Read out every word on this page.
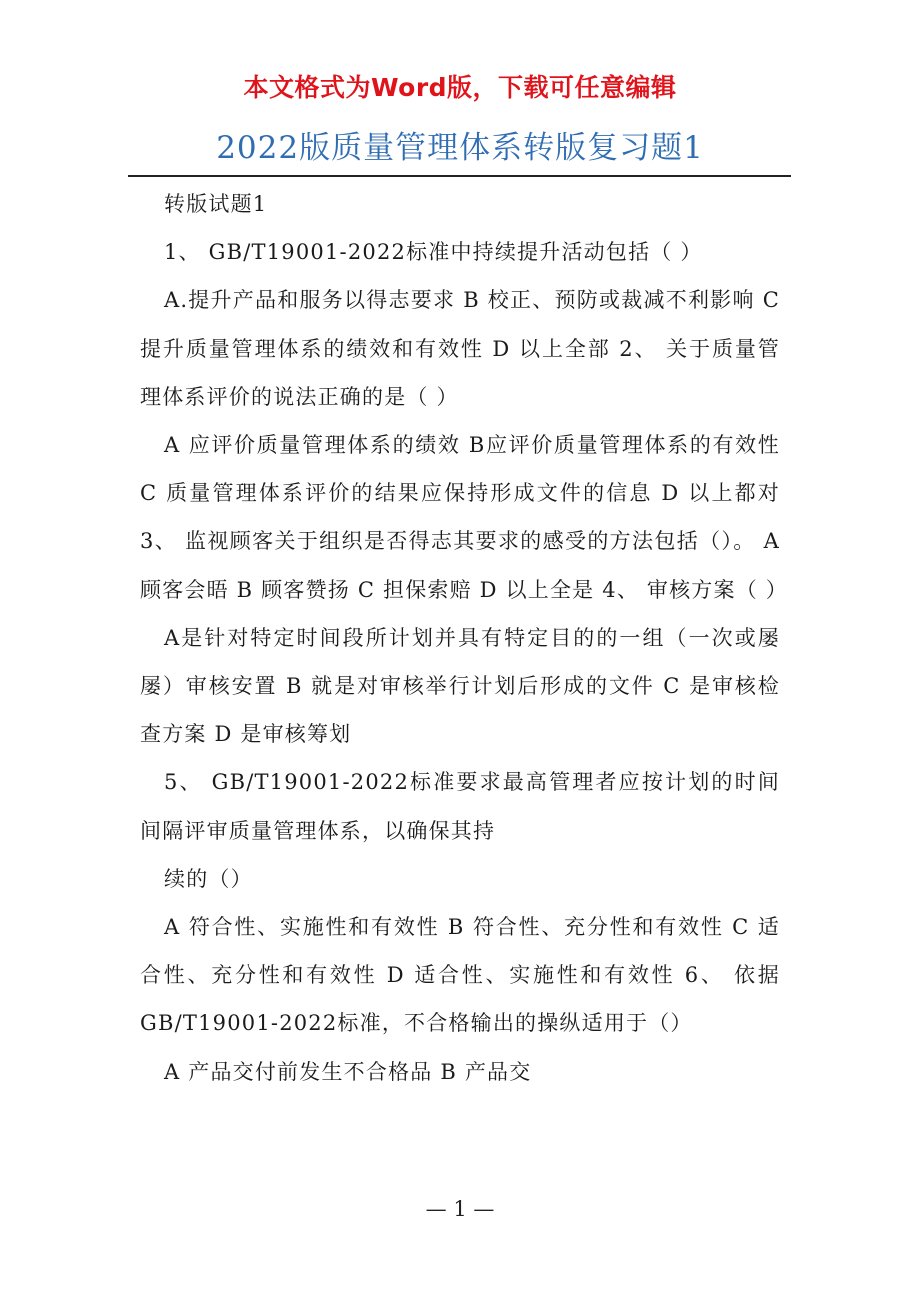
本文格式为Word版，下载可任意编辑
2022版质量管理体系转版复习题1

转版试题1

1、 GB/T19001-2022标准中持续提升活动包括（ ）

A.提升产品和服务以得志要求 B 校正、预防或裁减不利影响 C 提升质量管理体系的绩效和有效性 D 以上全部 2、 关于质量管理体系评价的说法正确的是（ ）

A 应评价质量管理体系的绩效 B应评价质量管理体系的有效性 C 质量管理体系评价的结果应保持形成文件的信息 D 以上都对 3、 监视顾客关于组织是否得志其要求的感受的方法包括（）。 A 顾客会晤 B 顾客赞扬 C 担保索赔 D 以上全是 4、 审核方案（ ）

A是针对特定时间段所计划并具有特定目的的一组（一次或屡屡）审核安置 B 就是对审核举行计划后形成的文件 C 是审核检查方案 D 是审核筹划

5、 GB/T19001-2022标准要求最高管理者应按计划的时间间隔评审质量管理体系，以确保其持

续的（）

A 符合性、实施性和有效性 B 符合性、充分性和有效性 C 适合性、充分性和有效性 D 适合性、实施性和有效性 6、 依据GB/T19001-2022标准，不合格输出的操纵适用于（）

A 产品交付前发生不合格品 B 产品交

— 1 —
